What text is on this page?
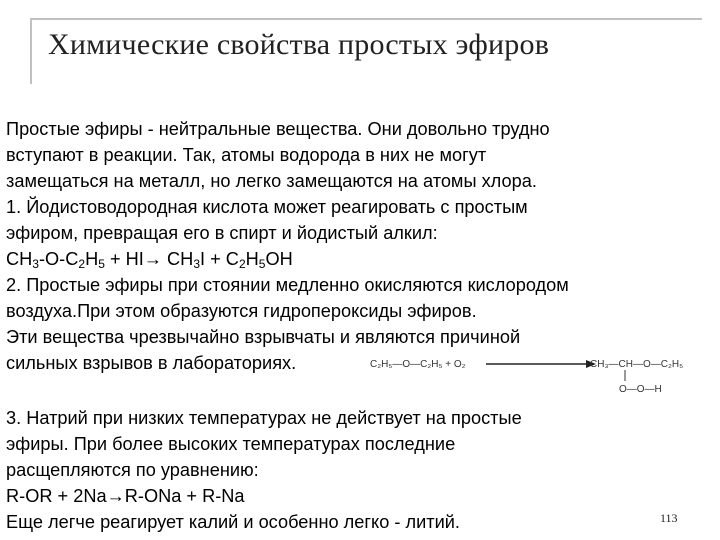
Химические свойства простых эфиров
Простые эфиры - нейтральные вещества. Они довольно трудно
вступают в реакции. Так, атомы водорода в них не могут
замещаться на металл, но легко замещаются на атомы хлора.
1. Йодистоводородная кислота может реагировать с простым
эфиром, превращая его в спирт и йодистый алкил:
$CH_3-O-C_2H_5 + HI\to CH_3I + C_2H_5OH$
2. Простые эфиры при стоянии медленно окисляются кислородом
воздуха.При этом образуются гидропероксиды эфиров.
Эти вещества чрезвычайно взрывчаты и являются причиной
сильных взрывов в лабораториях.	C₂H₅—O—C₂H₅ + O₂	CH₃—CH—O—C₂H₅
O—O—H
3. Натрий при низких температурах не действует на простые
эфиры. При более высоких температурах последние
расщепляются по уравнению:
R-OR + 2Na→R-ONa + R-Na
Еще легче реагирует калий и особенно легко - литий.	113
